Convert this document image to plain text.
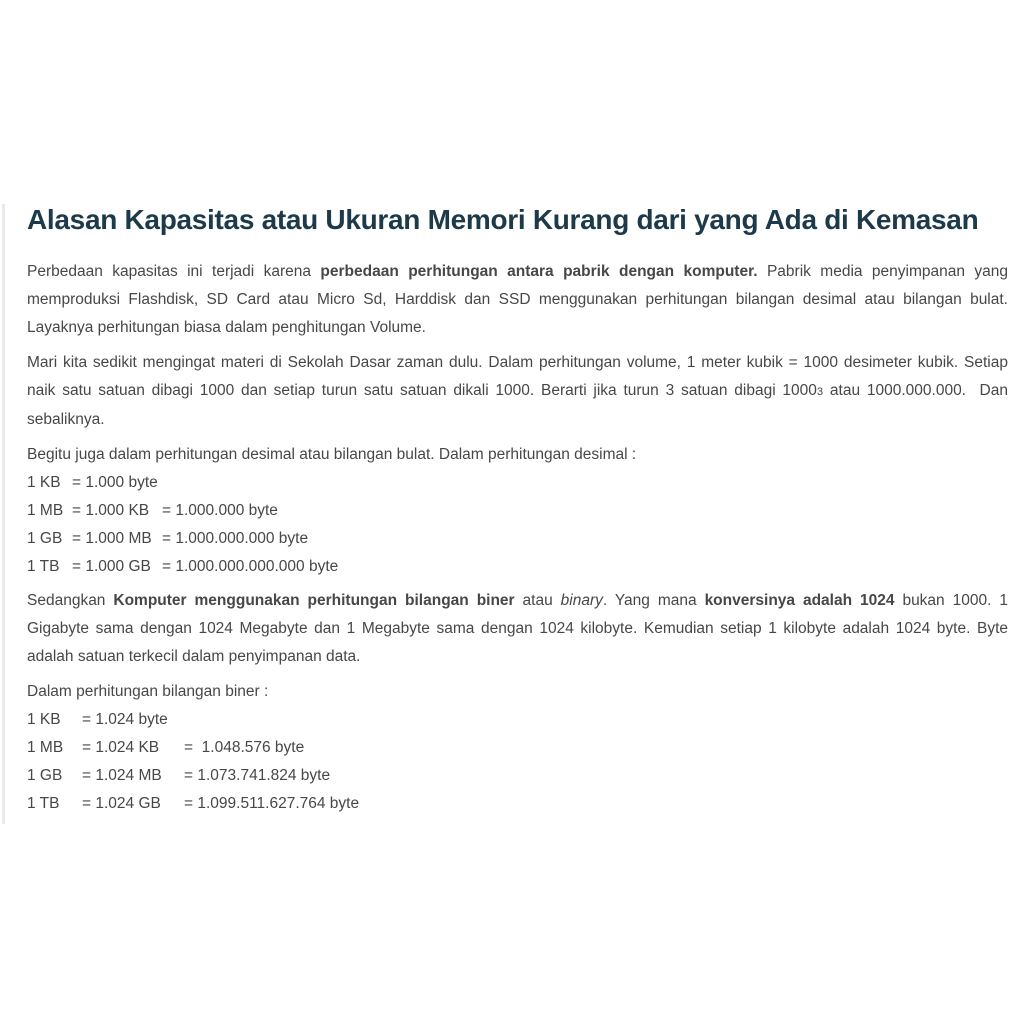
Alasan Kapasitas atau Ukuran Memori Kurang dari yang Ada di Kemasan

Perbedaan kapasitas ini terjadi karena perbedaan perhitungan antara pabrik dengan komputer. Pabrik media penyimpanan yang memproduksi Flashdisk, SD Card atau Micro Sd, Harddisk dan SSD menggunakan perhitungan bilangan desimal atau bilangan bulat. Layaknya perhitungan biasa dalam penghitungan Volume.

Mari kita sedikit mengingat materi di Sekolah Dasar zaman dulu. Dalam perhitungan volume, 1 meter kubik = 1000 desimeter kubik. Setiap naik satu satuan dibagi 1000 dan setiap turun satu satuan dikali 1000. Berarti jika turun 3 satuan dibagi 10003 atau 1000.000.000.  Dan sebaliknya.

Begitu juga dalam perhitungan desimal atau bilangan bulat. Dalam perhitungan desimal :

1 KB = 1.000 byte
1 MB = 1.000 KB = 1.000.000 byte
1 GB = 1.000 MB = 1.000.000.000 byte
1 TB = 1.000 GB = 1.000.000.000.000 byte

Sedangkan Komputer menggunakan perhitungan bilangan biner atau binary. Yang mana konversinya adalah 1024 bukan 1000. 1 Gigabyte sama dengan 1024 Megabyte dan 1 Megabyte sama dengan 1024 kilobyte. Kemudian setiap 1 kilobyte adalah 1024 byte. Byte adalah satuan terkecil dalam penyimpanan data.

Dalam perhitungan bilangan biner :

1 KB = 1.024 byte
1 MB = 1.024 KB =  1.048.576 byte
1 GB = 1.024 MB = 1.073.741.824 byte
1 TB = 1.024 GB = 1.099.511.627.764 byte
